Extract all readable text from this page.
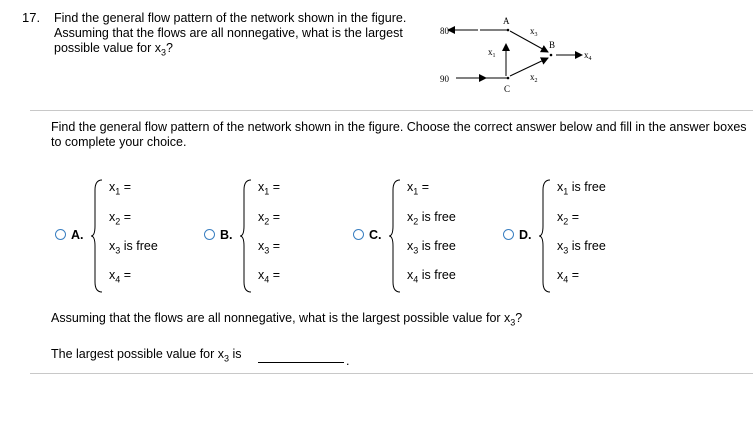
17. Find the general flow pattern of the network shown in the figure.
Assuming that the flows are all nonnegative, what is the largest
possible value for $x_3$?
80
90
A
B
C
$x_1$
$x_3$
$x_2$
$x_4$
Find the general flow pattern of the network shown in the figure. Choose the correct answer below and fill in the answer boxes to complete your choice.
A.
$x_1$ =
$x_2$ =
$x_3$ is free
$x_4$ =
B.
$x_1$ =
$x_2$ =
$x_3$ =
$x_4$ =
C.
$x_1$ =
$x_2$ is free
$x_3$ is free
$x_4$ is free
D.
$x_1$ is free
$x_2$ =
$x_3$ is free
$x_4$ =
Assuming that the flows are all nonnegative, what is the largest possible value for $x_3$?
The largest possible value for $x_3$ is	.
